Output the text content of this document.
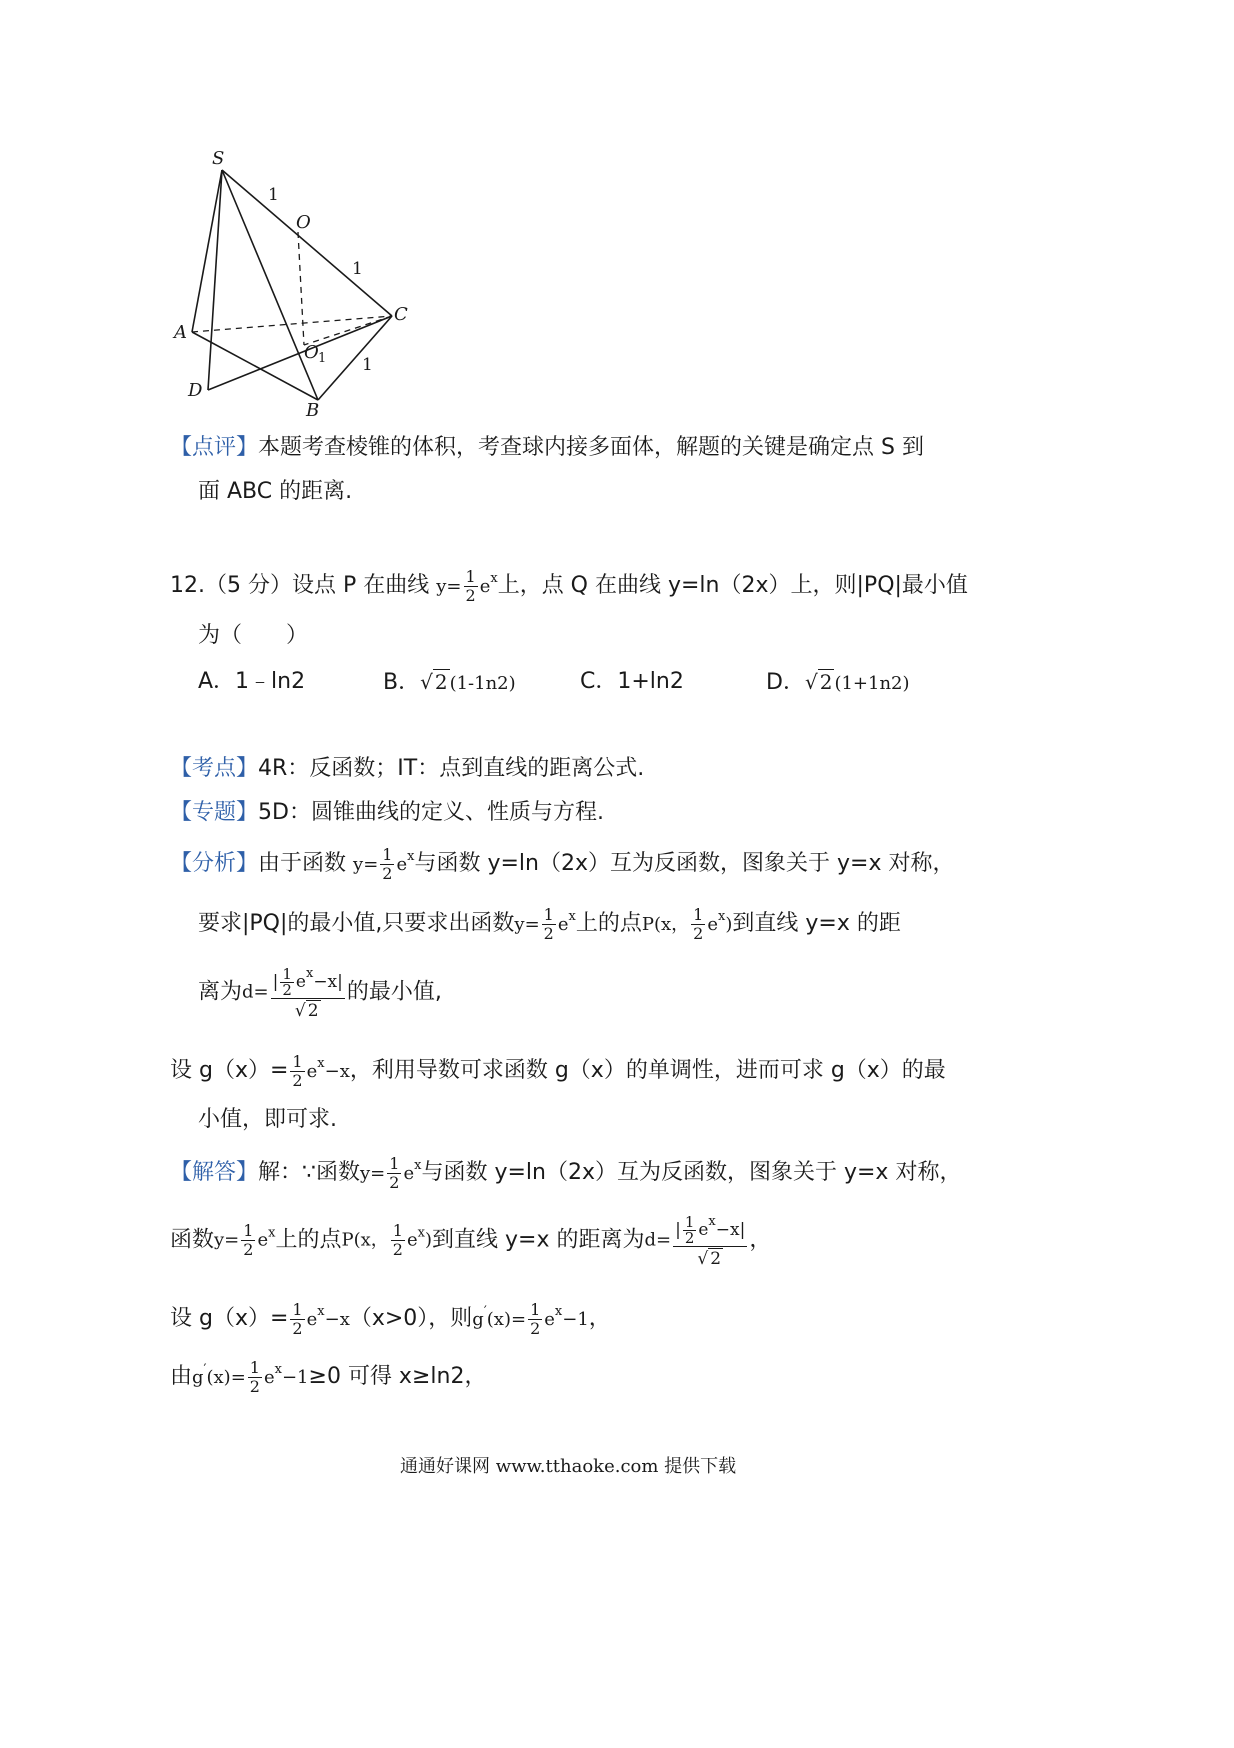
S
O
A
C
O
D
B
1
1
1
1
【点评】本题考查棱锥的体积，考查球内接多面体，解题的关键是确定点 S 到
面 ABC 的距离.
12.（5 分）设点 P 在曲线 $y= \frac{1}{2} e^x$上，点 Q 在曲线 y=ln（2x）上，则|PQ|最小值
为（　　）
A．1﹣ln2	B．√ 2 (1-1n2)	C．1+ln2	D．√ 2 (1+1n2)
【考点】4R：反函数；IT：点到直线的距离公式.
【专题】5D：圆锥曲线的定义、性质与方程.
【分析】由于函数 $y= \frac{1}{2} e^x$与函数 y=ln（2x）互为反函数，图象关于 y=x 对称，
要求|PQ|的最小值,只要求出函数$y= \frac{1}{2} e^x$上的点P(x， $\frac{1}{2} e^x$)到直线 y=x 的距
离为$d= \frac{| \frac{1}{2} e^x-x|}{√ 2}$ 的最小值,
设 $g(x)= \frac{1}{2} e^x-x$，利用导数可求函数 g（x）的单调性，进而可求 g（x）的最
小值，即可求.
【解答】解：∵函数$y= \frac{1}{2} e^x$与函数 y=ln（2x）互为反函数，图象关于 y=x 对称，
函数$y= \frac{1}{2} e^x$上的点P(x， $\frac{1}{2} e^x$)到直线 y=x 的距离为$d= \frac{| \frac{1}{2} e^x-x|}{√ 2}$ ，
设 $g(x)= \frac{1}{2} e^x-x(x>0)$，则$g'(x)= \frac{1}{2} e^x-1$，
由$g'(x)= \frac{1}{2} e^x-1\ge 0$ 可得 x≥ln2，
通通好课网 www.tthaoke.com 提供下载
